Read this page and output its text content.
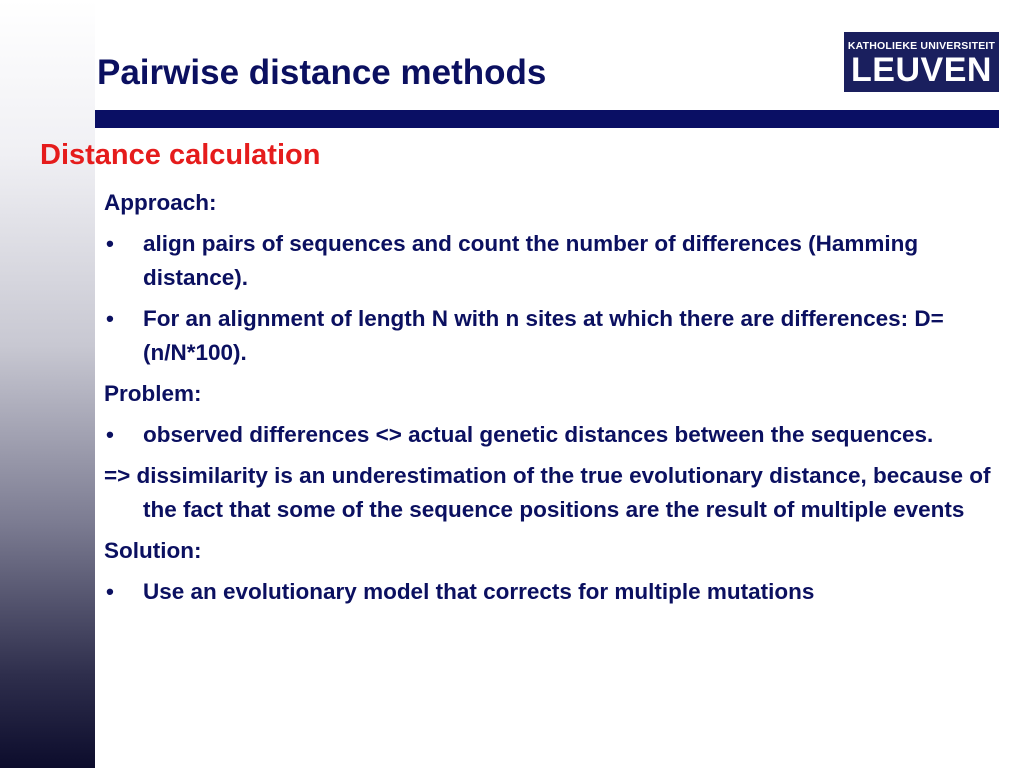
Pairwise distance methods
KATHOLIEKE UNIVERSITEIT
LEUVEN
Distance calculation

Approach:

•	align pairs of sequences and count the number of differences (Hamming distance).
•	For an alignment of length N with n sites at which there are differences: D= (n/N*100).

Problem:

•	observed differences <> actual genetic distances between the sequences.

=> dissimilarity is an underestimation of the true evolutionary distance, because of the fact that some of the sequence positions are the result of multiple events

Solution:

•	Use an evolutionary model that corrects for multiple mutations
